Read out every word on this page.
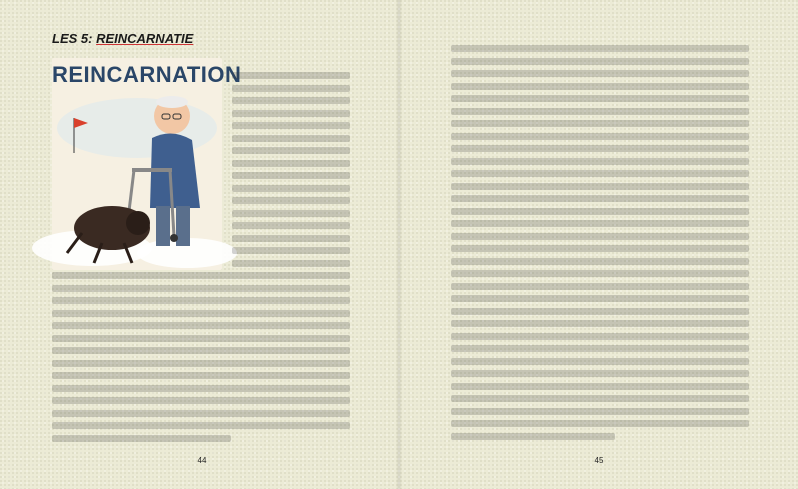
LES 5: REINCARNATIE
REINCARNATION
44	45
